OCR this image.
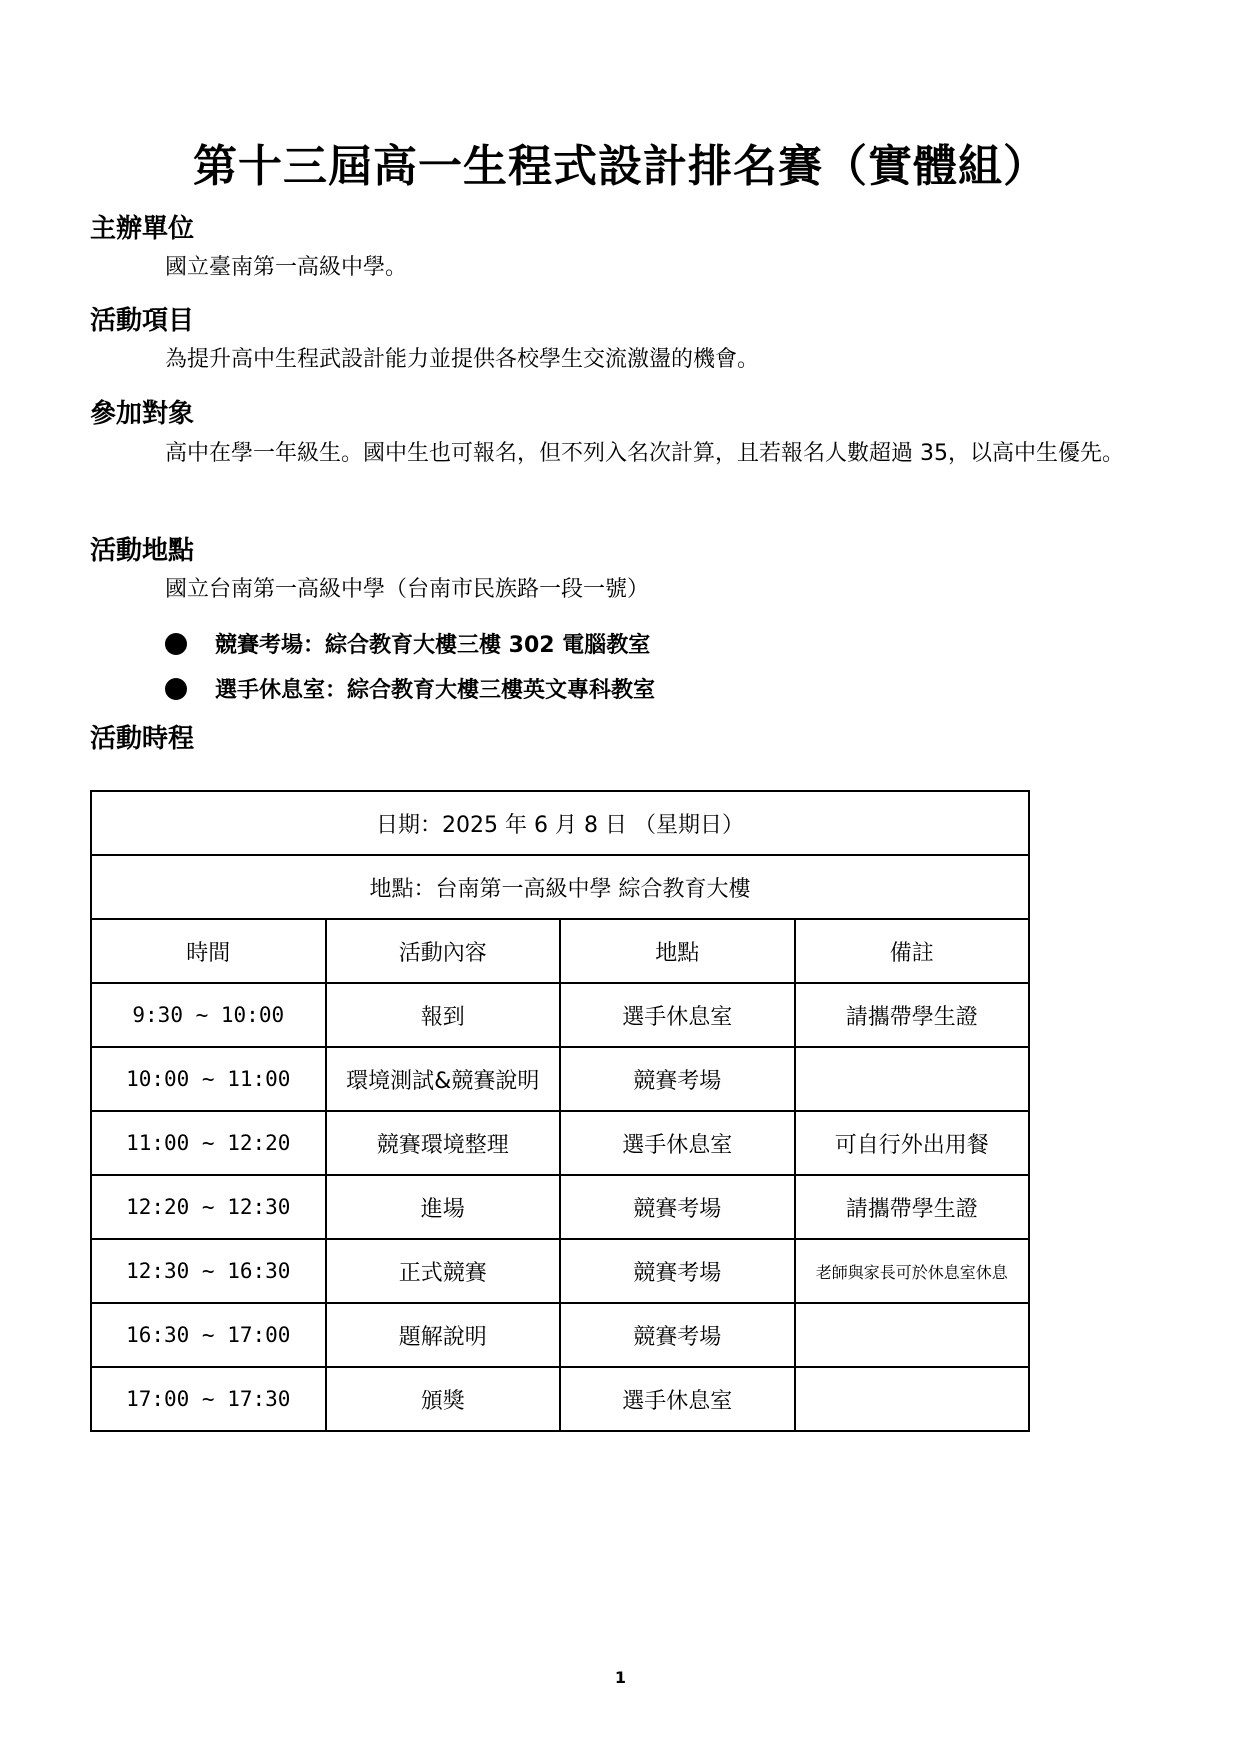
第十三屆高一生程式設計排名賽（實體組）
主辦單位
國立臺南第一高級中學。
活動項目
為提升高中生程武設計能力並提供各校學生交流激盪的機會。
參加對象
高中在學一年級生。國中生也可報名，但不列入名次計算，且若報名人數超過 35，以高中生優先。
活動地點
國立台南第一高級中學（台南市民族路一段一號）
競賽考場：綜合教育大樓三樓 302 電腦教室
選手休息室：綜合教育大樓三樓英文專科教室
活動時程
日期：2025 年 6 月 8 日 （星期日）			
地點：台南第一高級中學 綜合教育大樓			
時間	活動內容	地點	備註
9:30 ~ 10:00	報到	選手休息室	請攜帶學生證
10:00 ~ 11:00	環境測試&競賽說明	競賽考場	
11:00 ~ 12:20	競賽環境整理	選手休息室	可自行外出用餐
12:20 ~ 12:30	進場	競賽考場	請攜帶學生證
12:30 ~ 16:30	正式競賽	競賽考場	老師與家長可於休息室休息
16:30 ~ 17:00	題解說明	競賽考場	
17:00 ~ 17:30	頒獎	選手休息室	
1
